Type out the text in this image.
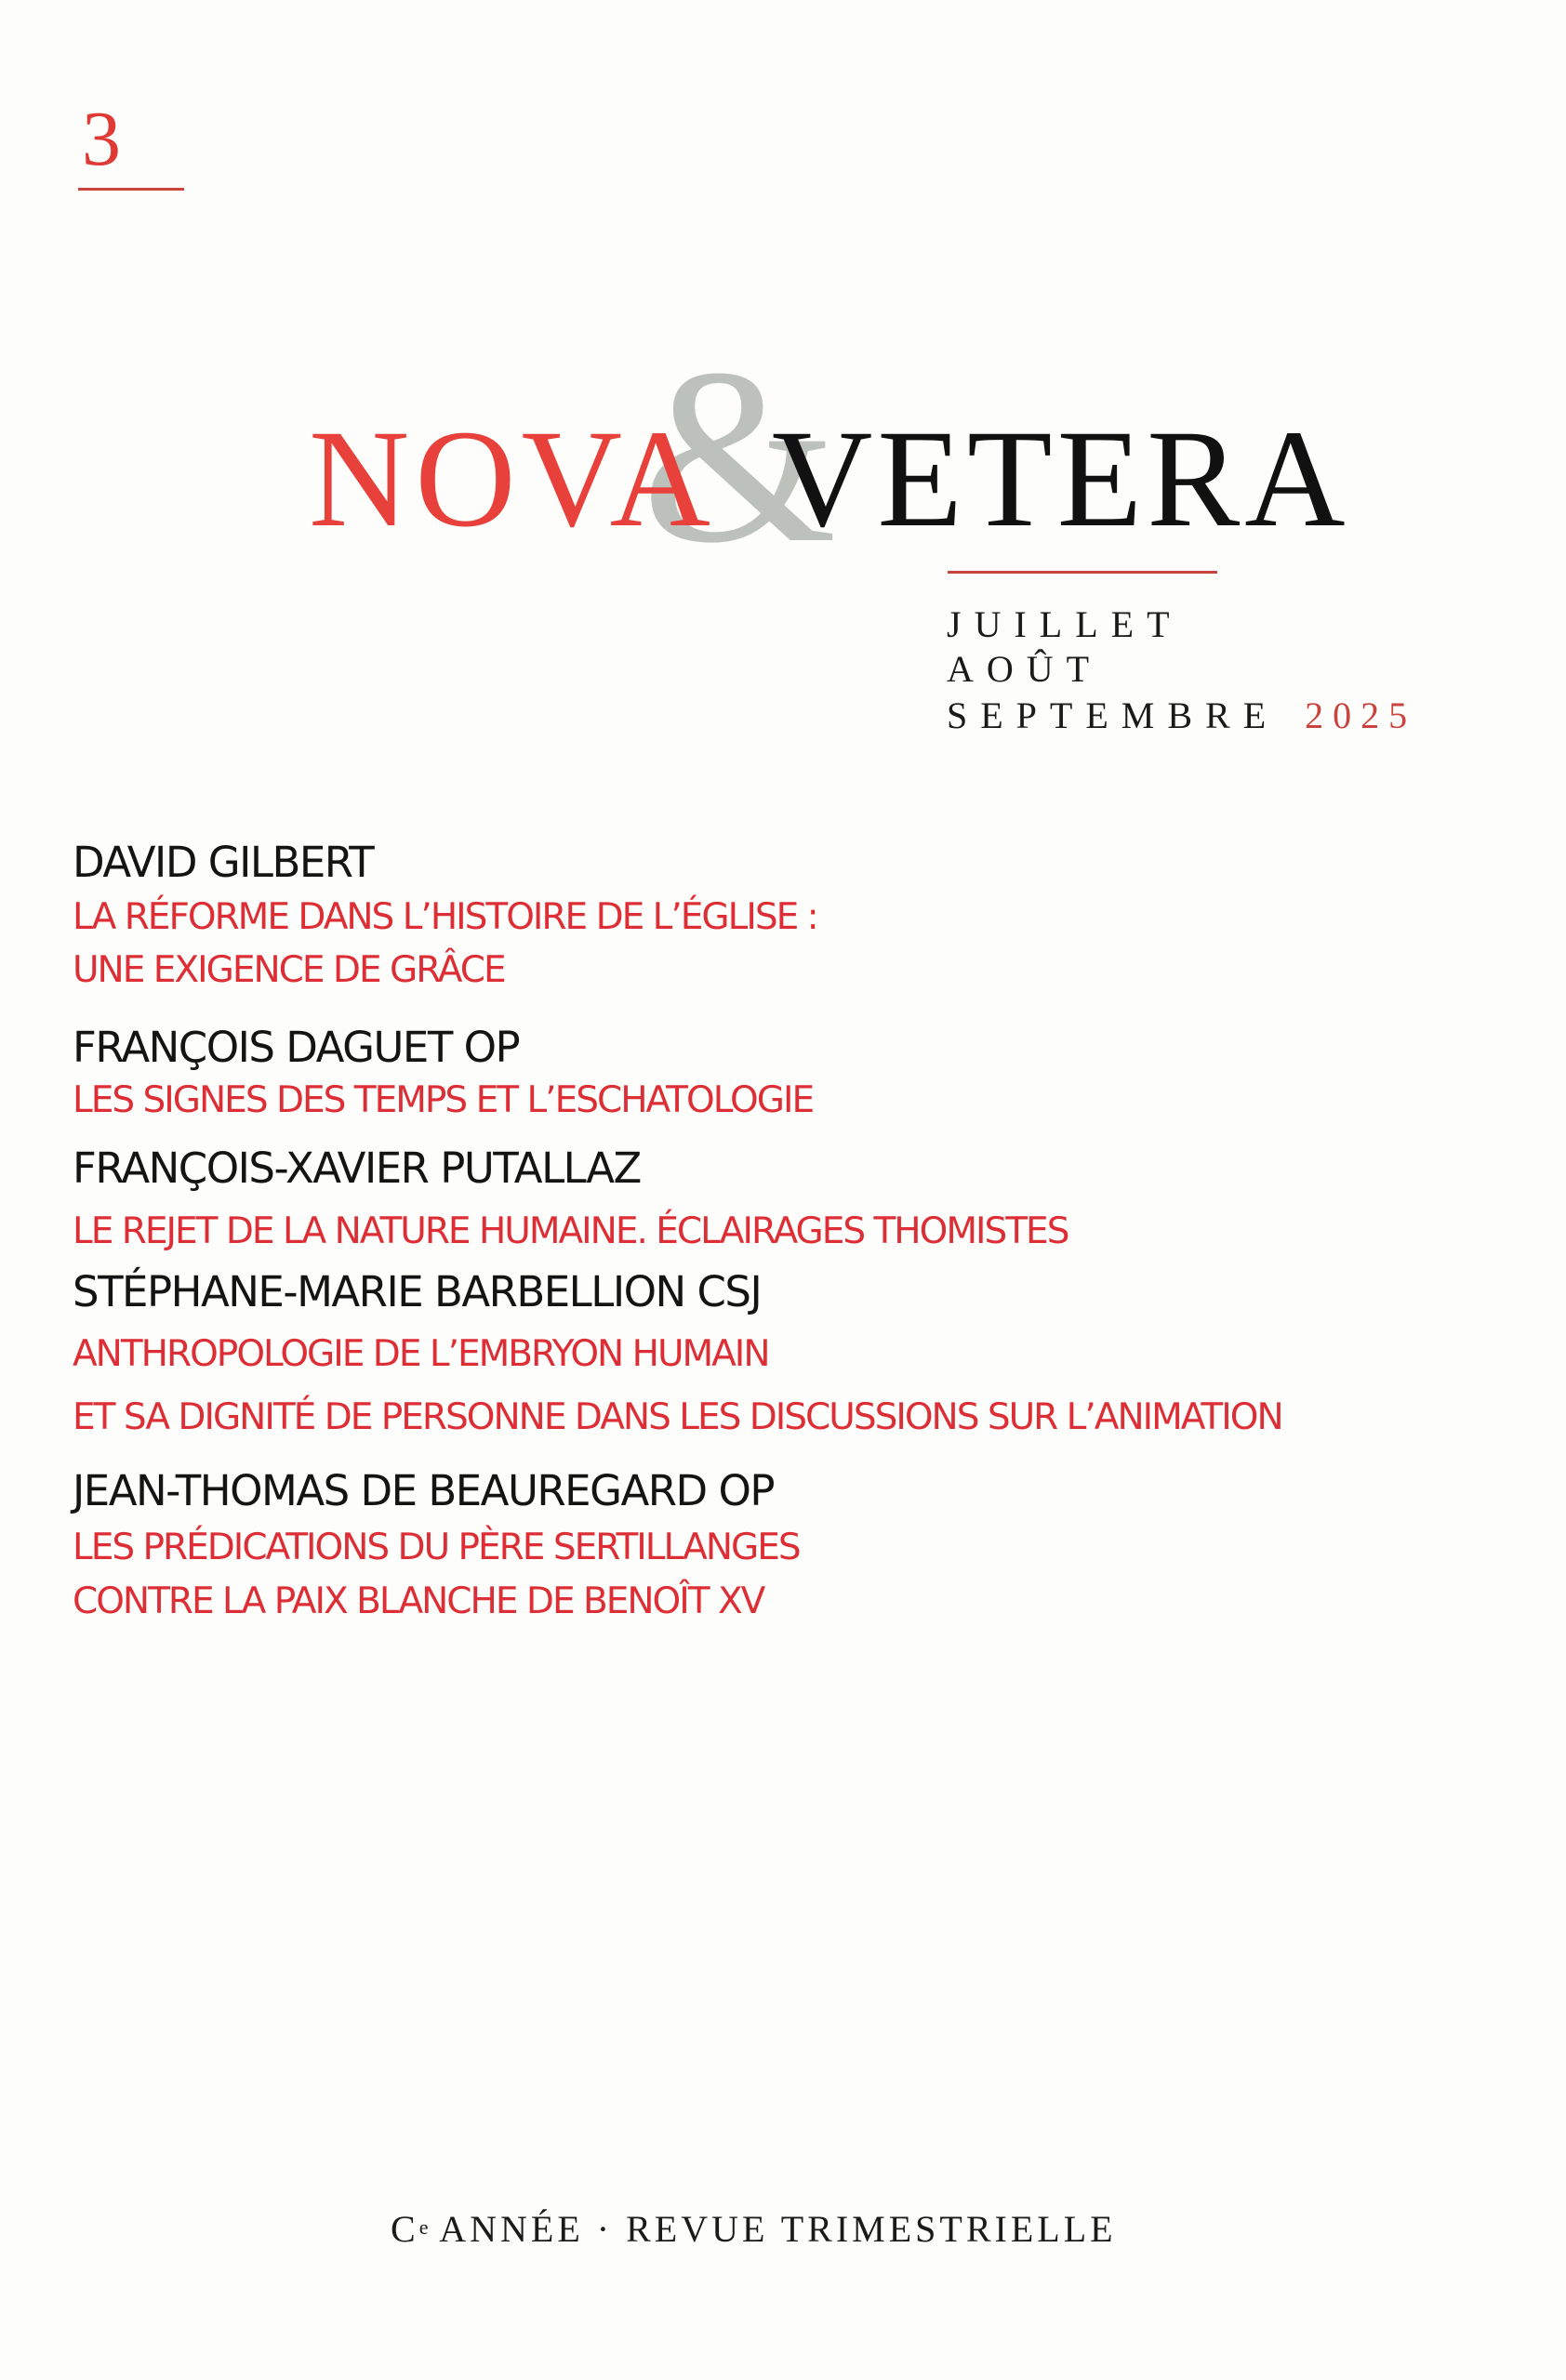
3
&
NOVA VETERA
JUILLET
AOÛT
SEPTEMBRE 2025
DAVID GILBERT
LA RÉFORME DANS L’HISTOIRE DE L’ÉGLISE :
UNE EXIGENCE DE GRÂCE
FRANÇOIS DAGUET OP
LES SIGNES DES TEMPS ET L’ESCHATOLOGIE
FRANÇOIS-XAVIER PUTALLAZ
LE REJET DE LA NATURE HUMAINE. ÉCLAIRAGES THOMISTES
STÉPHANE-MARIE BARBELLION CSJ
ANTHROPOLOGIE DE L’EMBRYON HUMAIN
ET SA DIGNITÉ DE PERSONNE DANS LES DISCUSSIONS SUR L’ANIMATION
JEAN-THOMAS DE BEAUREGARD OP
LES PRÉDICATIONS DU PÈRE SERTILLANGES
CONTRE LA PAIX BLANCHE DE BENOÎT XV
Ce ANNÉE · REVUE TRIMESTRIELLE
